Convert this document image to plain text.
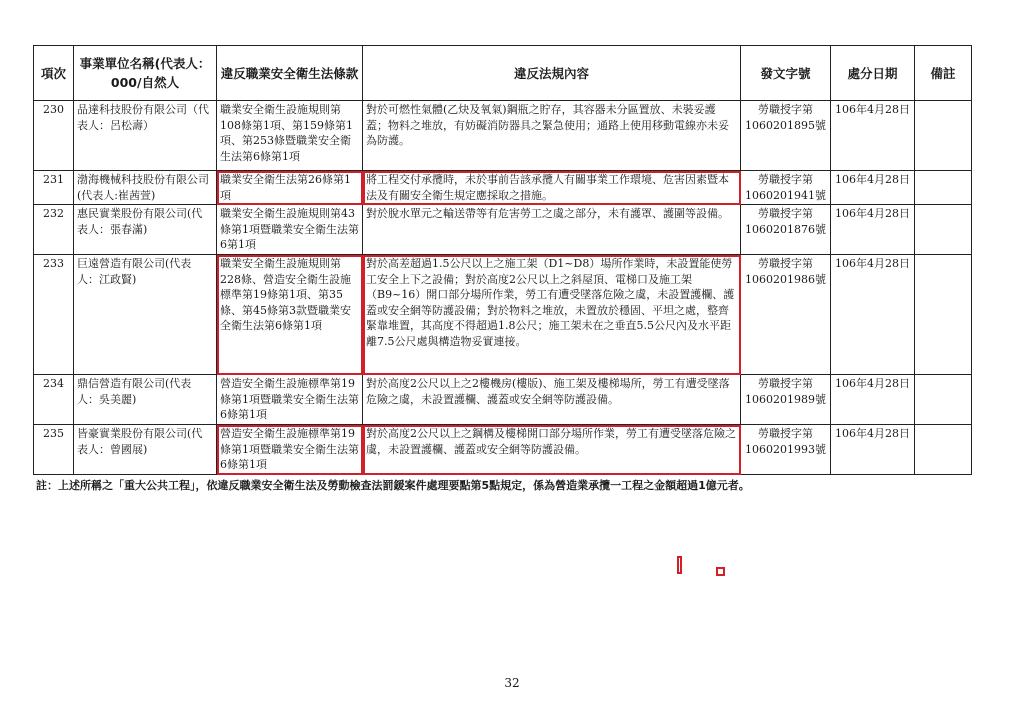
項次	事業單位名稱(代表人：000/自然人	違反職業安全衛生法條款	違反法規內容	發文字號	處分日期	備註
230	品達科技股份有限公司（代表人：呂松壽）	職業安全衛生設施規則第108條第1項、第159條第1項、第253條暨職業安全衛生法第6條第1項	對於可燃性氣體(乙炔及氧氣)鋼瓶之貯存，其容器未分區置放、未裝妥護蓋；物料之堆放，有妨礙消防器具之緊急使用；通路上使用移動電線亦未妥為防護。	勞職授字第1060201895號	106年4月28日	
231	渤海機械科技股份有限公司(代表人:崔茜萱)	職業安全衛生法第26條第1項	將工程交付承攬時，未於事前告該承攬人有關事業工作環境、危害因素暨本法及有關安全衛生規定應採取之措施。	勞職授字第1060201941號	106年4月28日	
232	惠民實業股份有限公司(代表人：張春滿)	職業安全衛生設施規則第43條第1項暨職業安全衛生法第6第1項	對於脫水單元之輸送帶等有危害勞工之虞之部分，未有護罩、護圍等設備。	勞職授字第1060201876號	106年4月28日	
233	巨遠營造有限公司(代表人：江政賢)	職業安全衛生設施規則第228條、營造安全衛生設施標準第19條第1項、第35條、第45條第3款暨職業安全衛生法第6條第1項	對於高差超過1.5公尺以上之施工架（D1~D8）場所作業時，未設置能使勞工安全上下之設備；對於高度2公尺以上之斜屋頂、電梯口及施工架（B9~16）開口部分場所作業，勞工有遭受墜落危險之虞，未設置護欄、護蓋或安全網等防護設備；對於物料之堆放，未置放於穩固、平坦之處，整齊緊靠堆置，其高度不得超過1.8公尺；施工架未在之垂直5.5公尺內及水平距離7.5公尺處與構造物妥實連接。	勞職授字第1060201986號	106年4月28日	
234	鼎信營造有限公司(代表人：吳美麗)	營造安全衛生設施標準第19條第1項暨職業安全衛生法第6條第1項	對於高度2公尺以上之2樓機房(樓版)、施工架及樓梯場所，勞工有遭受墜落危險之虞，未設置護欄、護蓋或安全網等防護設備。	勞職授字第1060201989號	106年4月28日	
235	皆豪實業股份有限公司(代表人：曾國展)	營造安全衛生設施標準第19條第1項暨職業安全衛生法第6條第1項	對於高度2公尺以上之鋼構及樓梯開口部分場所作業，勞工有遭受墜落危險之虞，未設置護欄、護蓋或安全網等防護設備。	勞職授字第1060201993號	106年4月28日	
註：上述所稱之「重大公共工程」，依違反職業安全衛生法及勞動檢查法罰鍰案件處理要點第5點規定，係為營造業承攬一工程之金額超過1億元者。
32
